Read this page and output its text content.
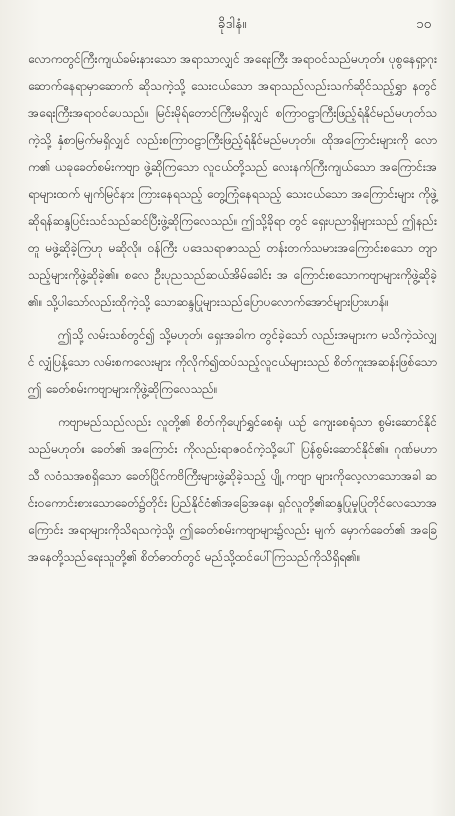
ခိုဒါနံ။	၁၀

လောကတွင်ကြီးကျယ်ခမ်းနားသော အရာသာလျှင် အရေးကြီး အရာဝင်သည်မဟုတ်။ ပုစွနေရှာ့ဂုး ဆောက်နေရာမှာဆောက် ဆိုသကဲ့သို့ သေးငယ်သော အရာသည်လည်းသက်ဆိုင်သည့်ရွှာ နတွင် အရေးကြီးအရာဝင်ပေသည်။ မြင်းမိုရ်တောင်ကြီးမရှိလျှင် စကြာဝဠာကြီးဖြည့်ရံနိုင်မည်မဟုတ်သကဲ့သို့ နှံစာမြက်မရှိလျှင် လည်းစကြာဝဠာကြီးဖြည့်ရံနိုင်မည်မဟုတ်။ ထိုအကြောင်းများကို လောက၏ ယခုခေတ်စမ်းကဗျာ ဖွဲ့ဆိုကြသော လူငယ်တို့သည် လေးနက်ကြီးကျယ်သော အကြောင်းအရာများထက် မျက်မြင်နား ကြားနေရသည့် တွေ့ကြုံနေရသည့် သေးငယ်သော အကြောင်းများ ကိုဖွဲ့ဆိုရန်ဆန္ဒပြင်းသင်သည်ဆင်ပြီးဖွဲ့ဆိုကြလေသည်။ ဤသို့ခိုရာ တွင် ရှေးပညာရှိများသည် ဤနည်းတူ မဖွဲ့ဆိုခဲ့ကြဟု မဆိုလို။ ဝန်ကြီး ပဒေသရာဇာသည် တန်းတက်သမားအကြောင်းစသော တျာသည့်များကိုဖွဲ့ဆိုခဲ့၏။ စလေ ဦးပုညသည်ဆယ်အိမ်ခေါင်း အ ကြောင်းစသောကဗျာများကိုဖွဲ့ဆိုခဲ့၏။ သို့ပါသော်လည်းထိုကဲ့သို့ သောဆန္ဒပြုများသည်ပြောပလောက်အောင်များပြားဟန်။

ဤသို့ လမ်းသစ်တွင်၍ သို့မဟုတ်၊ ရှေးအခါက တွင်ခဲ့သော် လည်းအများက မသိကဲ့သဲလျှင် လျှံပြန့်သော လမ်းစကလေးများ ကိုလိုက်၍ထပ်သည့်လူငယ်များသည် စိတ်ကူးအဆန်းဖြစ်သော ဤ ခေတ်စမ်းကဗျာများကိုဖွဲ့ဆိုကြလေသည်။

ကဗျာမည်သည်လည်း လူတို့၏ စိတ်ကိုပျော်ရွှင်စေရုံ၊ ယဉ် ကျေးစေရုံသာ စွမ်းဆောင်နိုင်သည်မဟုတ်။ ခေတ်၏ အကြောင်း ကိုလည်းရာဇဝင်ကဲ့သို့ပေါ် ပြန်စွမ်းဆောင်နိုင်၏။ ဂုဏ်မဟာသီ လဝံသအစရှိသော ခေတ်ပြိုင်ကဗိကြီးများဖွဲ့ဆိုခဲ့သည့် ပျို့ ကဗျာ များကိုလေ့လာသောအခါ ဆင်းဝကောင်းစားသောခေတ်၌တိုင်း ပြည်နိုင်ငံ၏အခြေအနေ၊ ရှင်လူတို့၏ဆန္ဒပြုမှုပြုတိုင်လေသောအကြောင်း အရာများကိုသိရသကဲ့သို့၊ ဤခေတ်စမ်းကဗျာများ၌လည်း မျက် မှောက်ခေတ်၏ အခြေအနေတို့သည်ရေးသူတို့၏ စိတ်ဓာတ်တွင် မည်သို့ထင်ပေါ်ကြသည်ကိုသိရှိရ၏။
